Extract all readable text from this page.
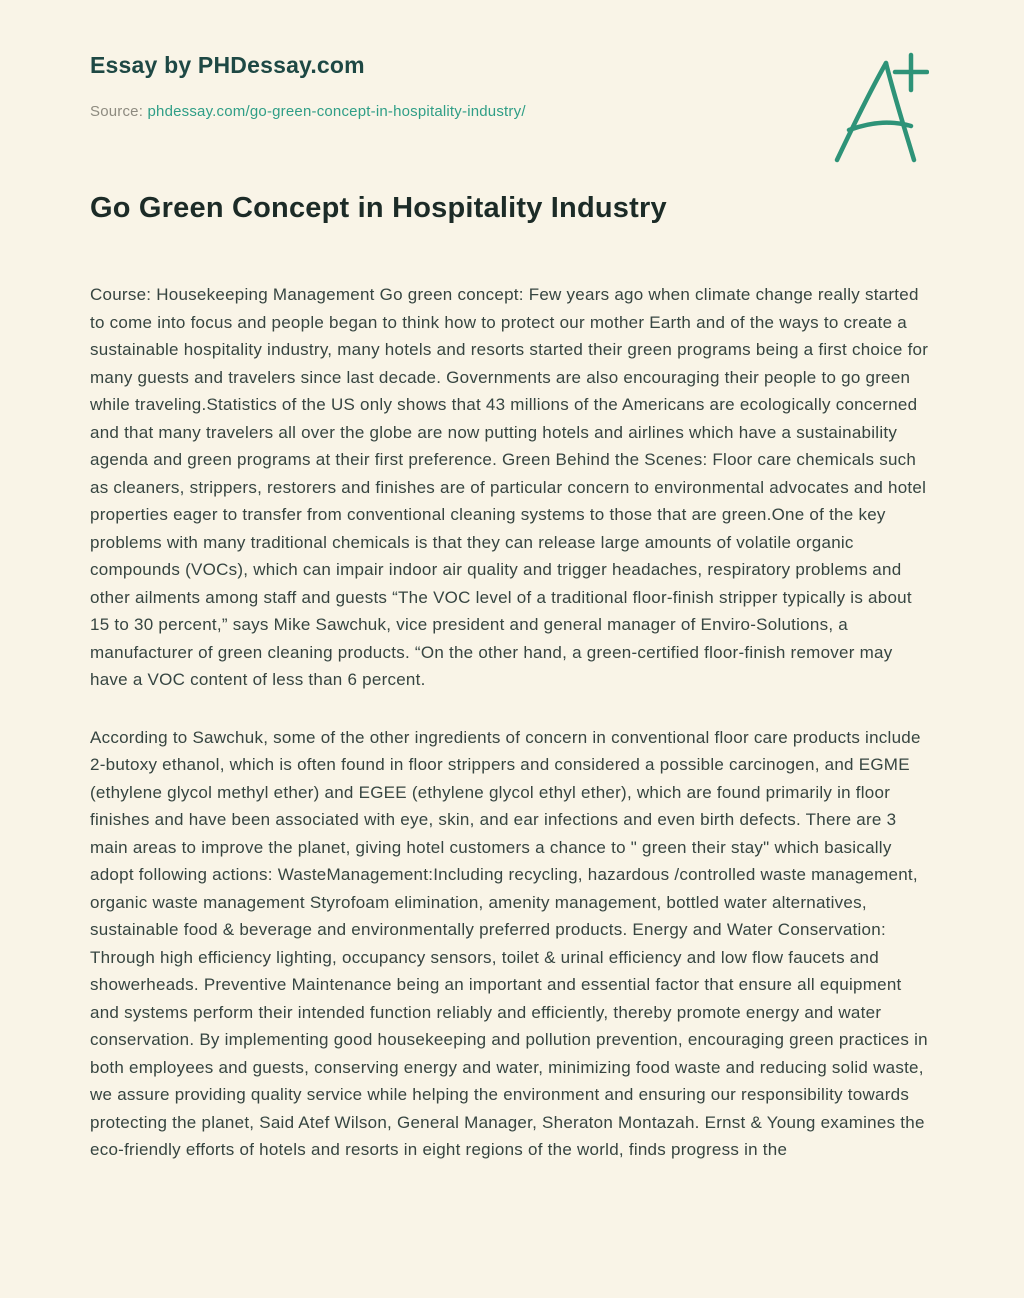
Essay by PHDessay.com
Source: phdessay.com/go-green-concept-in-hospitality-industry/
Go Green Concept in Hospitality Industry

Course: Housekeeping Management Go green concept: Few years ago when climate change really started to come into focus and people began to think how to protect our mother Earth and of the ways to create a sustainable hospitality industry, many hotels and resorts started their green programs being a first choice for many guests and travelers since last decade. Governments are also encouraging their people to go green while traveling.Statistics of the US only shows that 43 millions of the Americans are ecologically concerned and that many travelers all over the globe are now putting hotels and airlines which have a sustainability agenda and green programs at their first preference. Green Behind the Scenes: Floor care chemicals such as cleaners, strippers, restorers and finishes are of particular concern to environmental advocates and hotel properties eager to transfer from conventional cleaning systems to those that are green.One of the key problems with many traditional chemicals is that they can release large amounts of volatile organic compounds (VOCs), which can impair indoor air quality and trigger headaches, respiratory problems and other ailments among staff and guests “The VOC level of a traditional floor-finish stripper typically is about 15 to 30 percent,” says Mike Sawchuk, vice president and general manager of Enviro-Solutions, a manufacturer of green cleaning products. “On the other hand, a green-certified floor-finish remover may have a VOC content of less than 6 percent.

According to Sawchuk, some of the other ingredients of concern in conventional floor care products include 2-butoxy ethanol, which is often found in floor strippers and considered a possible carcinogen, and EGME (ethylene glycol methyl ether) and EGEE (ethylene glycol ethyl ether), which are found primarily in floor finishes and have been associated with eye, skin, and ear infections and even birth defects. There are 3 main areas to improve the planet, giving hotel customers a chance to " green their stay" which basically adopt following actions: WasteManagement:Including recycling, hazardous /controlled waste management, organic waste management Styrofoam elimination, amenity management, bottled water alternatives, sustainable food & beverage and environmentally preferred products. Energy and Water Conservation: Through high efficiency lighting, occupancy sensors, toilet & urinal efficiency and low flow faucets and showerheads. Preventive Maintenance being an important and essential factor that ensure all equipment and systems perform their intended function reliably and efficiently, thereby promote energy and water conservation. By implementing good housekeeping and pollution prevention, encouraging green practices in both employees and guests, conserving energy and water, minimizing food waste and reducing solid waste, we assure providing quality service while helping the environment and ensuring our responsibility towards protecting the planet, Said Atef Wilson, General Manager, Sheraton Montazah. Ernst & Young examines the eco-friendly efforts of hotels and resorts in eight regions of the world, finds progress in the
